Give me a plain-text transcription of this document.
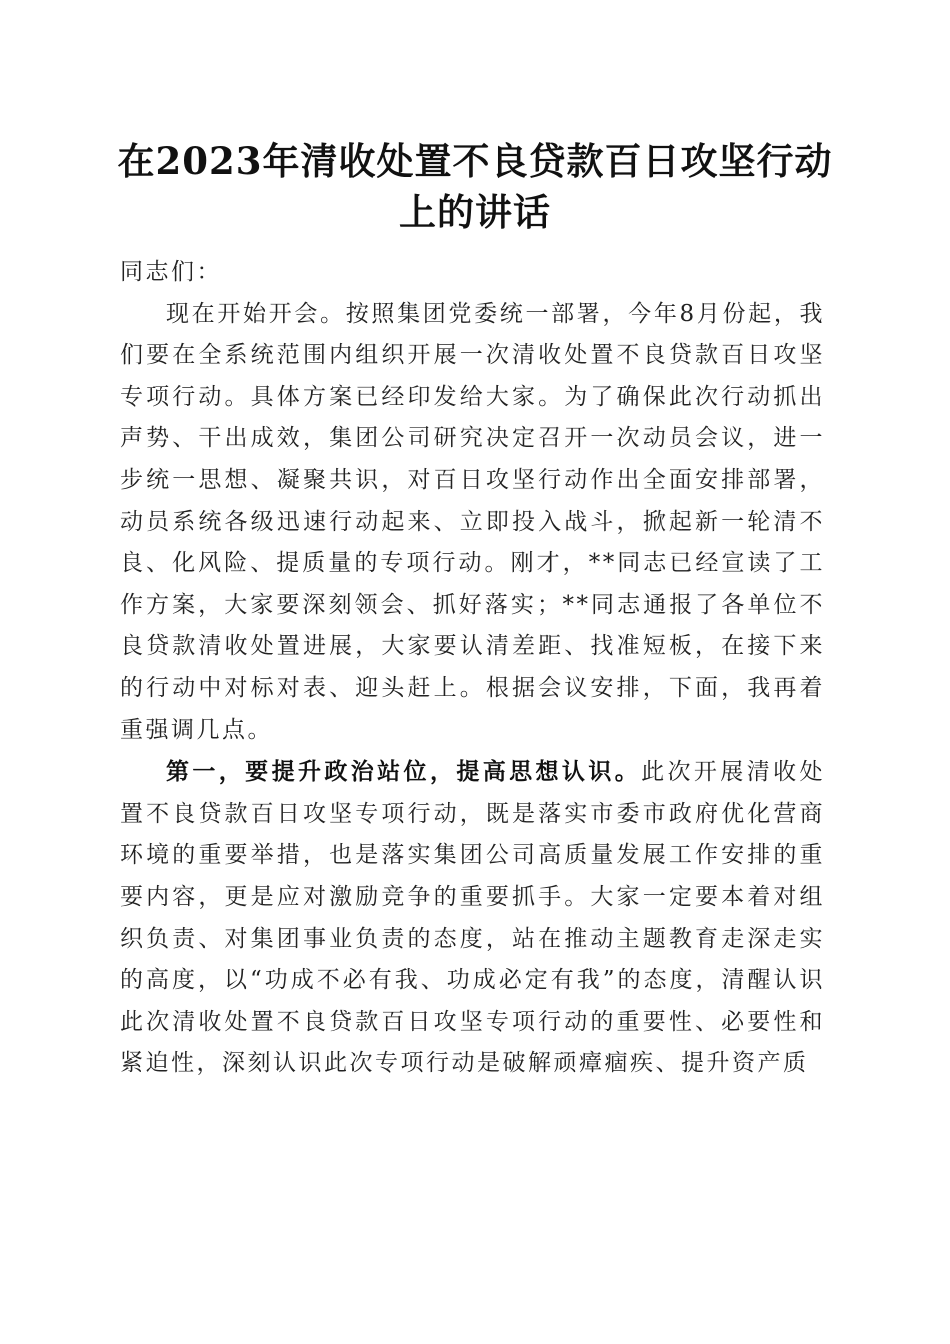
在2023年清收处置不良贷款百日攻坚行动上的讲话

同志们：

现在开始开会。按照集团党委统一部署，今年8月份起，我们要在全系统范围内组织开展一次清收处置不良贷款百日攻坚专项行动。具体方案已经印发给大家。为了确保此次行动抓出声势、干出成效，集团公司研究决定召开一次动员会议，进一步统一思想、凝聚共识，对百日攻坚行动作出全面安排部署，动员系统各级迅速行动起来、立即投入战斗，掀起新一轮清不良、化风险、提质量的专项行动。刚才，**同志已经宣读了工作方案，大家要深刻领会、抓好落实；**同志通报了各单位不良贷款清收处置进展，大家要认清差距、找准短板，在接下来的行动中对标对表、迎头赶上。根据会议安排，下面，我再着重强调几点。

第一，要提升政治站位，提高思想认识。此次开展清收处置不良贷款百日攻坚专项行动，既是落实市委市政府优化营商环境的重要举措，也是落实集团公司高质量发展工作安排的重要内容，更是应对激励竞争的重要抓手。大家一定要本着对组织负责、对集团事业负责的态度，站在推动主题教育走深走实的高度，以“功成不必有我、功成必定有我”的态度，清醒认识此次清收处置不良贷款百日攻坚专项行动的重要性、必要性和紧迫性，深刻认识此次专项行动是破解顽瘴痼疾、提升资产质
